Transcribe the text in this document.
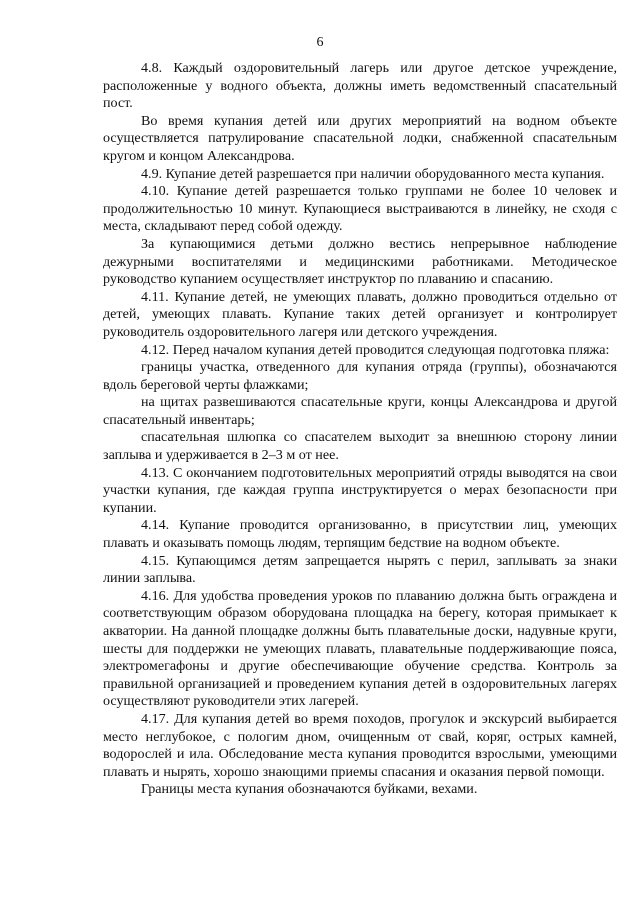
6

4.8. Каждый оздоровительный лагерь или другое детское учреждение, расположенные у водного объекта, должны иметь ведомственный спасательный пост.

Во время купания детей или других мероприятий на водном объекте осуществляется патрулирование спасательной лодки, снабженной спасательным кругом и концом Александрова.

4.9. Купание детей разрешается при наличии оборудованного места купания.

4.10. Купание детей разрешается только группами не более 10 человек и продолжительностью 10 минут. Купающиеся выстраиваются в линейку, не сходя с места, складывают перед собой одежду.

За купающимися детьми должно вестись непрерывное наблюдение дежурными воспитателями и медицинскими работниками. Методическое руководство купанием осуществляет инструктор по плаванию и спасанию.

4.11. Купание детей, не умеющих плавать, должно проводиться отдельно от детей, умеющих плавать. Купание таких детей организует и контролирует руководитель оздоровительного лагеря или детского учреждения.

4.12. Перед началом купания детей проводится следующая подготовка пляжа:

границы участка, отведенного для купания отряда (группы), обозначаются вдоль береговой черты флажками;

на щитах развешиваются спасательные круги, концы Александрова и другой спасательный инвентарь;

спасательная шлюпка со спасателем выходит за внешнюю сторону линии заплыва и удерживается в 2–3 м от нее.

4.13. С окончанием подготовительных мероприятий отряды выводятся на свои участки купания, где каждая группа инструктируется о мерах безопасности при купании.

4.14. Купание проводится организованно, в присутствии лиц, умеющих плавать и оказывать помощь людям, терпящим бедствие на водном объекте.

4.15. Купающимся детям запрещается нырять с перил, заплывать за знаки линии заплыва.

4.16. Для удобства проведения уроков по плаванию должна быть ограждена и соответствующим образом оборудована площадка на берегу, которая примыкает к акватории. На данной площадке должны быть плавательные доски, надувные круги, шесты для поддержки не умеющих плавать, плавательные поддерживающие пояса, электромегафоны и другие обеспечивающие обучение средства. Контроль за правильной организацией и проведением купания детей в оздоровительных лагерях осуществляют руководители этих лагерей.

4.17. Для купания детей во время походов, прогулок и экскурсий выбирается место неглубокое, с пологим дном, очищенным от свай, коряг, острых камней, водорослей и ила. Обследование места купания проводится взрослыми, умеющими плавать и нырять, хорошо знающими приемы спасания и оказания первой помощи.

Границы места купания обозначаются буйками, вехами.
